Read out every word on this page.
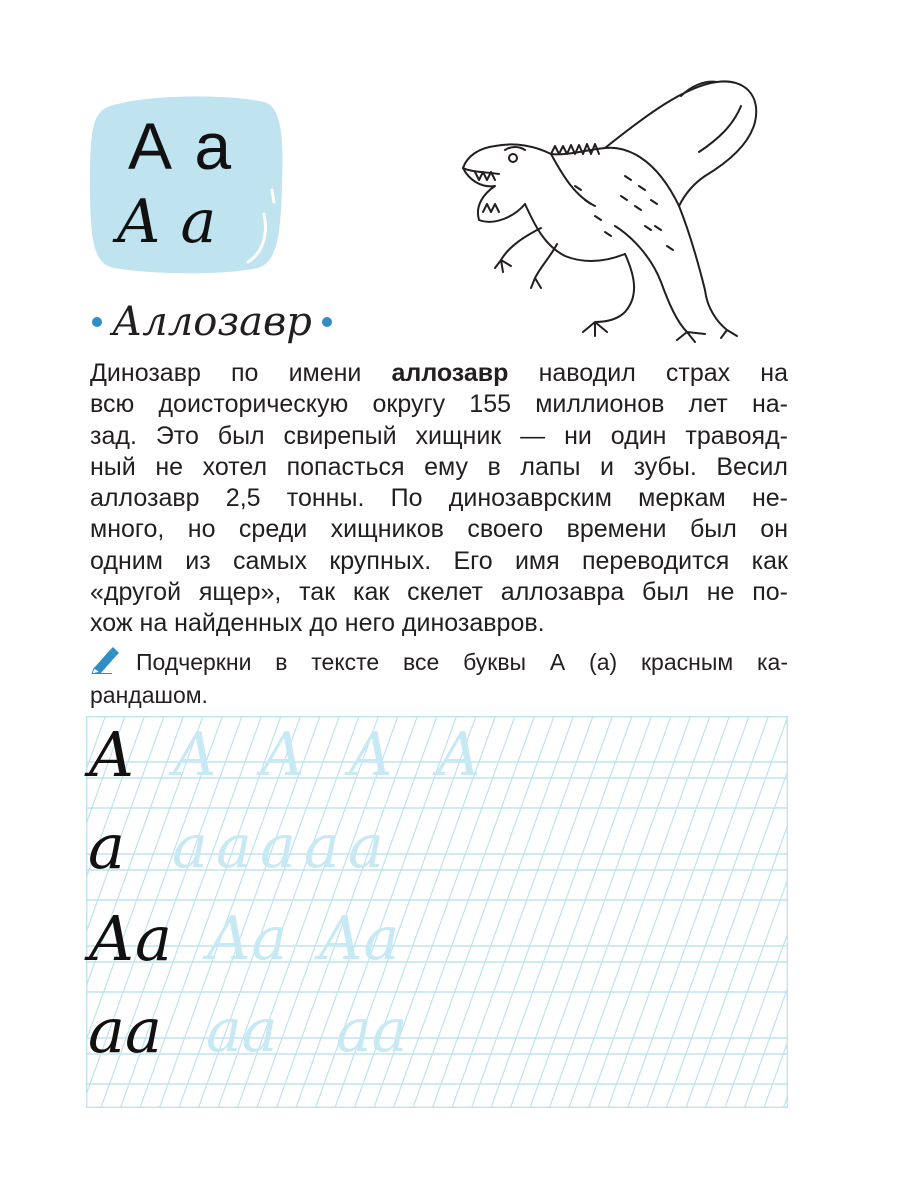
А а
А а
Аллозавр
Динозавр по имени аллозавр наводил страх на
всю доисторическую округу 155 миллионов лет на-
зад. Это был свирепый хищник — ни один травояд-
ный не хотел попасться ему в лапы и зубы. Весил
аллозавр 2,5 тонны. По динозаврским меркам не-
много, но среди хищников своего времени был он
одним из самых крупных. Его имя переводится как
«другой ящер», так как скелет аллозавра был не по-
хож на найденных до него динозавров.
Подчеркни в тексте все буквы А (а) красным ка-
рандашом.
А А А А А
а а а а а а
Аа Аа Аа
аа аа аа
